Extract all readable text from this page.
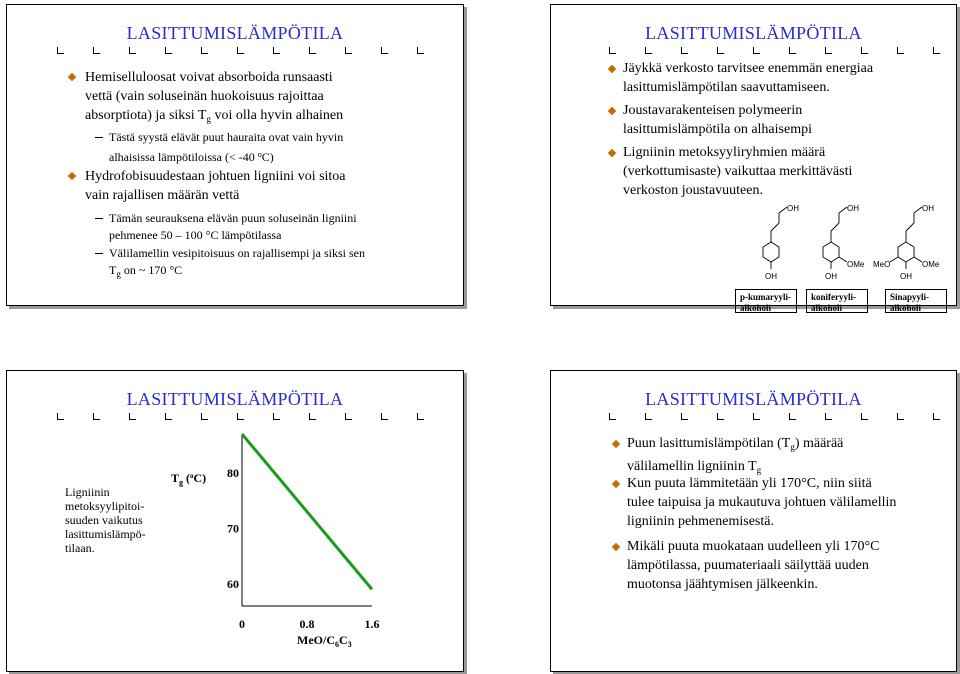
LASITTUMISLÄMPÖTILA
Hemiselluloosat voivat absorboida runsaasti
vettä (vain soluseinän huokoisuus rajoittaa
absorptiota) ja siksi $T_g$ voi olla hyvin alhainen
Tästä syystä elävät puut hauraita ovat vain hyvin
alhaisissa lämpötiloissa (< -40 $^o$C)
Hydrofobisuudestaan johtuen ligniini voi sitoa
vain rajallisen määrän vettä
Tämän seurauksena elävän puun soluseinän ligniini
pehmenee 50 – 100 °C lämpötilassa
Välilamellin vesipitoisuus on rajallisempi ja siksi sen
$T_g$ on ~ 170 °C
LASITTUMISLÄMPÖTILA
Jäykkä verkosto tarvitsee enemmän energiaa
lasittumislämpötilan saavuttamiseen.
Joustavarakenteisen polymeerin
lasittumislämpötila on alhaisempi
Ligniinin metoksyyliryhmien määrä
(verkottumisaste) vaikuttaa merkittävästi
verkoston joustavuuteen.
OH
OH
OH
OH
OMe
OH
OH
OMe
MeO
p-kumaryyli-
alkoholi
koniferyyli-
alkoholi
Sinapyyli-
alkoholi
LASITTUMISLÄMPÖTILA
Ligniinin
metoksyylipitoi-
suuden vaikutus
lasittumislämpö-
tilaan.
$T_g$ ($^o$C)
MeO/$C_6C_3$
80
70
60
0	0.8	1.6
LASITTUMISLÄMPÖTILA
Puun lasittumislämpötilan $(T_g)$ määrää
välilamellin ligniinin $T_g$
Kun puuta lämmitetään yli 170°C, niin siitä
tulee taipuisa ja mukautuva johtuen välilamellin
ligniinin pehmenemisestä.
Mikäli puuta muokataan uudelleen yli 170°C
lämpötilassa, puumateriaali säilyttää uuden
muotonsa jäähtymisen jälkeenkin.
